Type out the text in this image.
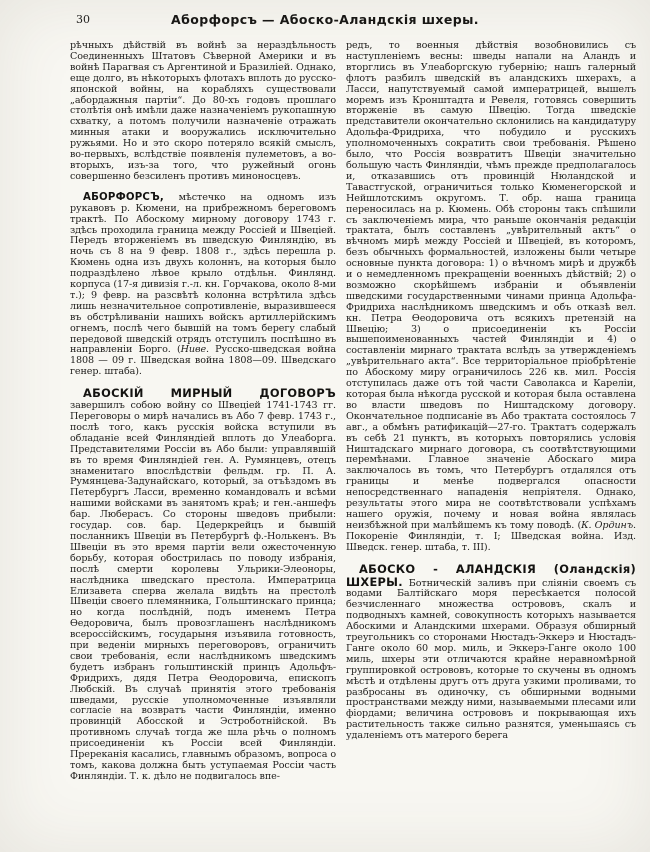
30	Аборфорсъ — Абоско-Аландскія шхеры.

рѣчныхъ дѣйствій въ войнѣ за нераздѣльность Соединенныхъ Штатовъ Сѣверной Америки и въ войнѣ Парагвая съ Аргентиной и Бразиліей. Однако, еще долго, въ нѣкоторыхъ флотахъ вплоть до русско-японской войны, на корабляхъ существовали „абордажныя партіи“. До 80-хъ годовъ прошлаго столѣтія онѣ имѣли даже назначеніемъ рукопашную схватку, а потомъ получили назначеніе отражать минныя атаки и вооружались исключительно ружьями. Но и это скоро потеряло всякій смыслъ, во-первыхъ, вслѣдствіе появленія пулеметовъ, а во-вторыхъ, изъ-за того, что ружейный огонь совершенно безсиленъ противъ миноносцевъ.

АБОРФОРСЪ, мѣстечко на одномъ изъ рукавовъ р. Кюмени, на прибрежномъ береговомъ трактѣ. По Абоскому мирному договору 1743 г. здѣсь проходила граница между Россіей и Швеціей. Передъ вторженіемъ въ шведскую Финляндію, въ ночь съ 8 на 9 февр. 1808 г., здѣсь перешла р. Кюмень одна изъ двухъ колоннъ, на которыя было подраздѣлено лѣвое крыло отдѣльн. Финлянд. корпуса (17-я дивизія г.-л. кн. Горчакова, около 8-ми т.); 9 февр. на разсвѣтѣ колонна встрѣтила здѣсь лишь незначительное сопротивленіе, выразившееся въ обстрѣливаніи нашихъ войскъ артиллерійскимъ огнемъ, послѣ чего бывшій на томъ берегу слабый передовой шведскій отрядъ отступилъ поспѣшно въ направленіи Борго. (Ниве. Русско-шведская война 1808 — 09 г. Шведская война 1808—09. Шведскаго генер. штаба).

АБОСКІЙ МИРНЫЙ ДОГОВОРЪ завершилъ собою войну со Швеціей 1741-1743 гг. Переговоры о мирѣ начались въ Або 7 февр. 1743 г., послѣ того, какъ русскія войска вступили въ обладаніе всей Финляндіей вплоть до Улеаборга. Представителями Россіи въ Або были: управлявшій въ то время Финляндіей ген. А. Румянцевъ, отецъ знаменитаго впослѣдствіи фельдм. гр. П. А. Румянцева-Задунайскаго, который, за отъѣздомъ въ Петербургъ Ласси, временно командовалъ и всѣми нашими войсками въ занятомъ краѣ; и ген.-аншефъ бар. Люберасъ. Со стороны шведовъ прибыли: государ. сов. бар. Цедеркрейцъ и бывшій посланникъ Швеціи въ Петербургѣ ф.-Нолькенъ. Въ Швеціи въ это время партіи вели ожесточенную борьбу, которая обострилась по поводу избранія, послѣ смерти королевы Ульрики-Элеоноры, наслѣдника шведскаго престола. Императрица Елизавета сперва желала видѣть на престолѣ Швеціи своего племянника, Гольштинскаго принца; но когда послѣдній, подъ именемъ Петра Ѳедоровича, былъ провозглашенъ наслѣдникомъ всероссійскимъ, государыня изъявила готовность, при веденіи мирныхъ переговоровъ, ограничить свои требованія, если наслѣдникомъ шведскимъ будетъ избранъ гольштинскій принцъ Адольфъ-Фридрихъ, дядя Петра Ѳеодоровича, епископъ Любскій. Въ случаѣ принятія этого требованія шведами, русскіе уполномоченные изъявляли согласіе на возвратъ части Финляндіи, именно провинцій Абосской и Эстроботнійской. Въ противномъ случаѣ тогда же шла рѣчь о полномъ присоединеніи къ Россіи всей Финляндіи. Пререканія касались, главнымъ образомъ, вопроса о томъ, какова должна быть уступаемая Россіи часть Финляндіи. Т. к. дѣло не подвигалось впе-

редъ, то военныя дѣйствія возобновились съ наступленіемъ весны: шведы напали на Аландъ и вторглись въ Улеаборгскую губернію; нашъ галерный флотъ разбилъ шведскій въ аландскихъ шхерахъ, а Ласси, напутствуемый самой императрицей, вышелъ моремъ изъ Кронштадта и Ревеля, готовясь совершить вторженіе въ самую Швецію. Тогда шведскіе представители окончательно склонились на кандидатуру Адольфа-Фридриха, что побудило и русскихъ уполномоченныхъ сократить свои требованія. Рѣшено было, что Россія возвратитъ Швеціи значительно большую часть Финляндіи, чѣмъ прежде предполагалось и, отказавшись отъ провинцій Нюландской и Тавастгуской, ограничиться только Кюменегорской и Нейшлотскимъ округомъ. Т. обр. наша граница переносилась на р. Кюмень. Обѣ стороны такъ спѣшили съ заключеніемъ мира, что раньше окончанія редакціи трактата, былъ составленъ „увѣрительный актъ“ о вѣчномъ мирѣ между Россіей и Швеціей, въ которомъ, безъ обычныхъ формальностей, изложены были четыре основные пункта договора: 1) о вѣчномъ мирѣ и дружбѣ и о немедленномъ прекращеніи военныхъ дѣйствій; 2) о возможно скорѣйшемъ избраніи и объявленіи шведскими государственными чинами принца Адольфа-Фридриха наслѣдникомъ шведскимъ и объ отказѣ вел. кн. Петра Ѳеодоровича отъ всякихъ претензій на Швецію; 3) о присоединеніи къ Россіи вышепоименованныхъ частей Финляндіи и 4) о составленіи мирнаго трактата вслѣдъ за утвержденіемъ „увѣрительнаго акта“. Все территоріальное пріобрѣтеніе по Абоскому миру ограничилось 226 кв. мил. Россія отступилась даже отъ той части Саволакса и Кареліи, которая была нѣкогда русской и которая была оставлена во власти шведовъ по Ништадскому договору. Окончательное подписаніе въ Або трактата состоялось 7 авг., а обмѣнъ ратификацій—27-го. Трактатъ содержалъ въ себѣ 21 пунктъ, въ которыхъ повторялись условія Ништадскаго мирнаго договора, съ соотвѣтствующими перемѣнами. Главное значеніе Абоскаго мира заключалось въ томъ, что Петербургъ отдалялся отъ границы и менѣе подвергался опасности непосредственнаго нападенія непріятеля. Однако, результаты этого мира не соотвѣтствовали успѣхамъ нашего оружія, почему и новая война являлась неизбѣжной при малѣйшемъ къ тому поводѣ. (К. Ординъ. Покореніе Финляндіи, т. I; Шведская война. Изд. Шведск. генер. штаба, т. III).

АБОСКО - АЛАНДСКІЯ (Оландскія) ШХЕРЫ. Ботническій заливъ при сліяніи своемъ съ водами Балтійскаго моря пересѣкается полосой безчисленнаго множества острововъ, скалъ и подводныхъ камней, совокупность которыхъ называется Абоскими и Аландскими шхерами. Образуя обширный треугольникъ со сторонами Нюстадъ-Эккерэ и Нюстадъ-Ганге около 60 мор. миль, и Эккерэ-Ганге около 100 миль, шхеры эти отличаются крайне неравномѣрной группировкой острововъ, которые то скучены въ одномъ мѣстѣ и отдѣлены другъ отъ друга узкими проливами, то разбросаны въ одиночку, съ обширными водными пространствами между ними, называемыми плесами или фіордами; величина острововъ и покрывающая ихъ растительность также сильно разнятся, уменьшаясь съ удаленіемъ отъ матерого берега
